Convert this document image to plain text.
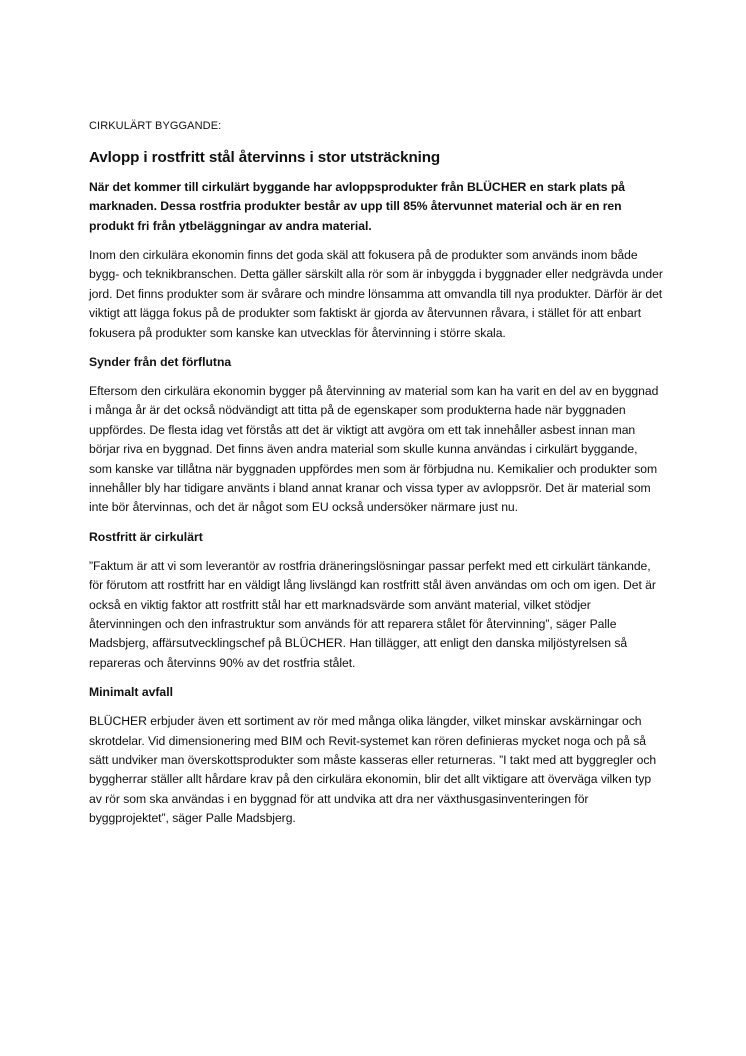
CIRKULÄRT BYGGANDE:
Avlopp i rostfritt stål återvinns i stor utsträckning

När det kommer till cirkulärt byggande har avloppsprodukter från BLÜCHER en stark plats på marknaden. Dessa rostfria produkter består av upp till 85% återvunnet material och är en ren produkt fri från ytbeläggningar av andra material.

Inom den cirkulära ekonomin finns det goda skäl att fokusera på de produkter som används inom både bygg- och teknikbranschen. Detta gäller särskilt alla rör som är inbyggda i byggnader eller nedgrävda under jord. Det finns produkter som är svårare och mindre lönsamma att omvandla till nya produkter. Därför är det viktigt att lägga fokus på de produkter som faktiskt är gjorda av återvunnen råvara, i stället för att enbart fokusera på produkter som kanske kan utvecklas för återvinning i större skala.

Synder från det förflutna

Eftersom den cirkulära ekonomin bygger på återvinning av material som kan ha varit en del av en byggnad i många år är det också nödvändigt att titta på de egenskaper som produkterna hade när byggnaden uppfördes. De flesta idag vet förstås att det är viktigt att avgöra om ett tak innehåller asbest innan man börjar riva en byggnad. Det finns även andra material som skulle kunna användas i cirkulärt byggande, som kanske var tillåtna när byggnaden uppfördes men som är förbjudna nu. Kemikalier och produkter som innehåller bly har tidigare använts i bland annat kranar och vissa typer av avloppsrör. Det är material som inte bör återvinnas, och det är något som EU också undersöker närmare just nu.

Rostfritt är cirkulärt

”Faktum är att vi som leverantör av rostfria dräneringslösningar passar perfekt med ett cirkulärt tänkande, för förutom att rostfritt har en väldigt lång livslängd kan rostfritt stål även användas om och om igen. Det är också en viktig faktor att rostfritt stål har ett marknadsvärde som använt material, vilket stödjer återvinningen och den infrastruktur som används för att reparera stålet för återvinning”, säger Palle Madsbjerg, affärsutvecklingschef på BLÜCHER. Han tillägger, att enligt den danska miljöstyrelsen så repareras och återvinns 90% av det rostfria stålet.

Minimalt avfall

BLÜCHER erbjuder även ett sortiment av rör med många olika längder, vilket minskar avskärningar och skrotdelar. Vid dimensionering med BIM och Revit-systemet kan rören definieras mycket noga och på så sätt undviker man överskottsprodukter som måste kasseras eller returneras. ”I takt med att byggregler och byggherrar ställer allt hårdare krav på den cirkulära ekonomin, blir det allt viktigare att överväga vilken typ av rör som ska användas i en byggnad för att undvika att dra ner växthusgasinventeringen för byggprojektet”, säger Palle Madsbjerg.
